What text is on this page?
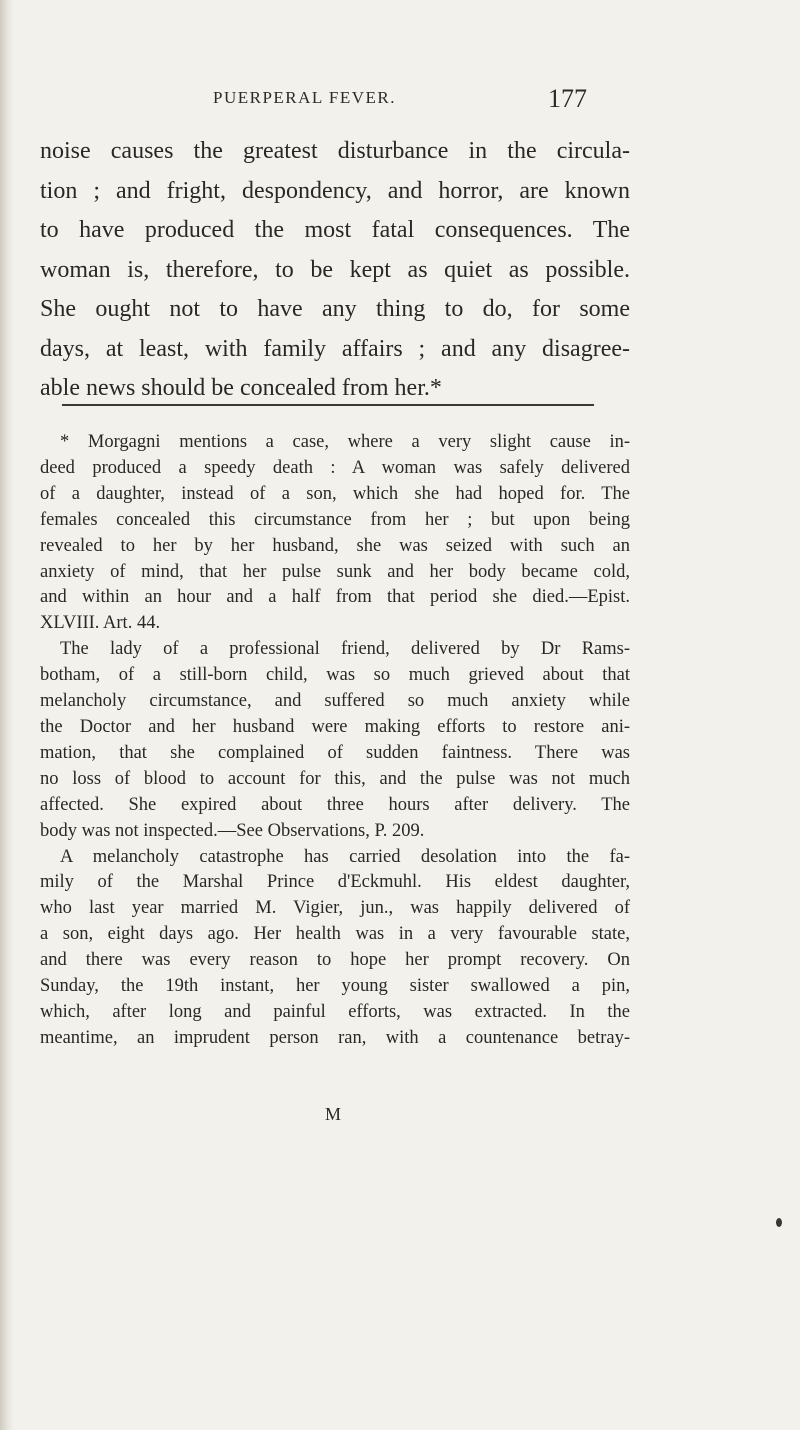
PUERPERAL FEVER.	177
noise causes the greatest disturbance in the circula-
tion ; and fright, despondency, and horror, are known
to have produced the most fatal consequences. The
woman is, therefore, to be kept as quiet as possible.
She ought not to have any thing to do, for some
days, at least, with family affairs ; and any disagree-
able news should be concealed from her.*
* Morgagni mentions a case, where a very slight cause in-
deed produced a speedy death : A woman was safely delivered
of a daughter, instead of a son, which she had hoped for. The
females concealed this circumstance from her ; but upon being
revealed to her by her husband, she was seized with such an
anxiety of mind, that her pulse sunk and her body became cold,
and within an hour and a half from that period she died.—Epist.
XLVIII. Art. 44.
The lady of a professional friend, delivered by Dr Rams-
botham, of a still-born child, was so much grieved about that
melancholy circumstance, and suffered so much anxiety while
the Doctor and her husband were making efforts to restore ani-
mation, that she complained of sudden faintness. There was
no loss of blood to account for this, and the pulse was not much
affected. She expired about three hours after delivery. The
body was not inspected.—See Observations, P. 209.
A melancholy catastrophe has carried desolation into the fa-
mily of the Marshal Prince d'Eckmuhl. His eldest daughter,
who last year married M. Vigier, jun., was happily delivered of
a son, eight days ago. Her health was in a very favourable state,
and there was every reason to hope her prompt recovery. On
Sunday, the 19th instant, her young sister swallowed a pin,
which, after long and painful efforts, was extracted. In the
meantime, an imprudent person ran, with a countenance betray-
M
